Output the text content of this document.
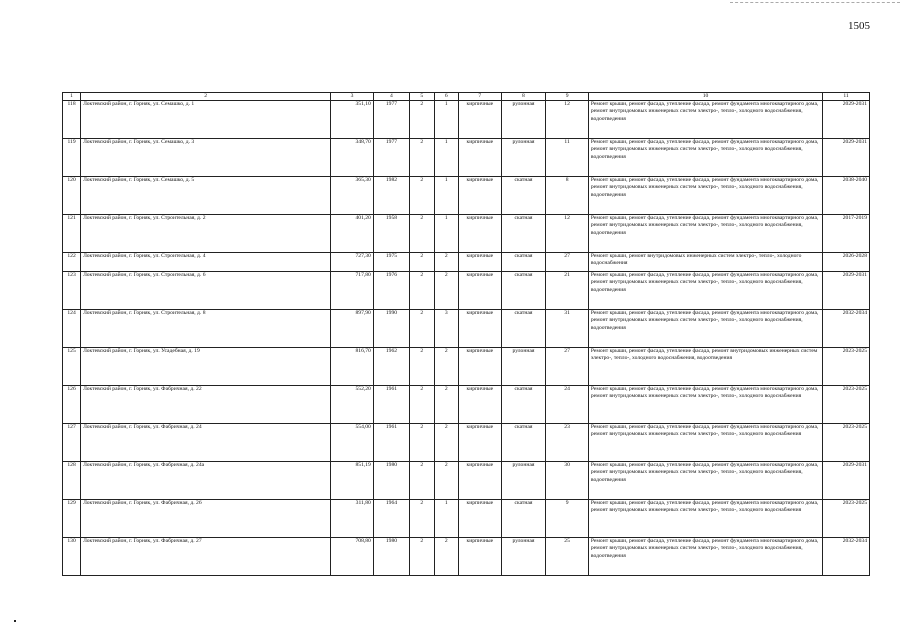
1505
1	2	3	4	5	6	7	8	9	10	11
118	Локтевский район, г. Горняк, ул. Семашко, д. 1	351,10	1977	2	1	кирпичные	рулонная	12	Ремонт крыши, ремонт фасада, утепление фасада, ремонт фундамента многоквартирного дома, ремонт внутридомовых инженерных систем электро-, тепло-, холодного водоснабжения, водоотведения	2029-2031
119	Локтевский район, г. Горняк, ул. Семашко, д. 3	348,70	1977	2	1	кирпичные	рулонная	11	Ремонт крыши, ремонт фасада, утепление фасада, ремонт фундамента многоквартирного дома, ремонт внутридомовых инженерных систем электро-, тепло-, холодного водоснабжения, водоотведения	2029-2031
120	Локтевский район, г. Горняк, ул. Семашко, д. 5	365,30	1982	2	1	кирпичные	скатная	8	Ремонт крыши, ремонт фасада, утепление фасада, ремонт фундамента многоквартирного дома, ремонт внутридомовых инженерных систем электро-, тепло-, холодного водоснабжения, водоотведения	2038-2040
121	Локтевский район, г. Горняк, ул. Строительная, д. 2	401,20	1958	2	1	кирпичные	скатная	12	Ремонт крыши, ремонт фасада, утепление фасада, ремонт фундамента многоквартирного дома, ремонт внутридомовых инженерных систем электро-, тепло-, холодного водоснабжения, водоотведения	2017-2019
122	Локтевский район, г. Горняк, ул. Строительная, д. 4	727,30	1975	2	2	кирпичные	скатная	27	Ремонт крыши, ремонт внутридомовых инженерных систем электро-, тепло-, холодного водоснабжения	2026-2028
123	Локтевский район, г. Горняк, ул. Строительная, д. 6	717,80	1976	2	2	кирпичные	скатная	21	Ремонт крыши, ремонт фасада, утепление фасада, ремонт фундамента многоквартирного дома, ремонт внутридомовых инженерных систем электро-, тепло-, холодного водоснабжения, водоотведения	2029-2031
124	Локтевский район, г. Горняк, ул. Строительная, д. 8	897,90	1990	2	3	кирпичные	скатная	31	Ремонт крыши, ремонт фасада, утепление фасада, ремонт фундамента многоквартирного дома, ремонт внутридомовых инженерных систем электро-, тепло-, холодного водоснабжения, водоотведения	2032-2034
125	Локтевский район, г. Горняк, ул. Усадебная, д. 19	816,70	1962	2	2	кирпичные	рулонная	27	Ремонт крыши, ремонт фасада, утепление фасада, ремонт внутридомовых инженерных систем электро-, тепло-, холодного водоснабжения, водоотведения	2023-2025
126	Локтевский район, г. Горняк, ул. Фабричная, д. 22	552,20	1961	2	2	кирпичные	скатная	24	Ремонт крыши, ремонт фасада, утепление фасада, ремонт фундамента многоквартирного дома, ремонт внутридомовых инженерных систем электро-, тепло-, холодного водоснабжения	2023-2025
127	Локтевский район, г. Горняк, ул. Фабричная, д. 24	554,00	1961	2	2	кирпичные	скатная	23	Ремонт крыши, ремонт фасада, утепление фасада, ремонт фундамента многоквартирного дома, ремонт внутридомовых инженерных систем электро-, тепло-, холодного водоснабжения	2023-2025
128	Локтевский район, г. Горняк, ул. Фабричная, д. 24а	851,19	1980	2	2	кирпичные	рулонная	30	Ремонт крыши, ремонт фасада, утепление фасада, ремонт фундамента многоквартирного дома, ремонт внутридомовых инженерных систем электро-, тепло-, холодного водоснабжения, водоотведения	2029-2031
129	Локтевский район, г. Горняк, ул. Фабричная, д. 26	311,80	1964	2	1	кирпичные	скатная	9	Ремонт крыши, ремонт фасада, утепление фасада, ремонт фундамента многоквартирного дома, ремонт внутридомовых инженерных систем электро-, тепло-, холодного водоснабжения	2023-2025
130	Локтевский район, г. Горняк, ул. Фабричная, д. 27	708,80	1980	2	2	кирпичные	рулонная	25	Ремонт крыши, ремонт фасада, утепление фасада, ремонт фундамента многоквартирного дома, ремонт внутридомовых инженерных систем электро-, тепло-, холодного водоснабжения, водоотведения	2032-2034
